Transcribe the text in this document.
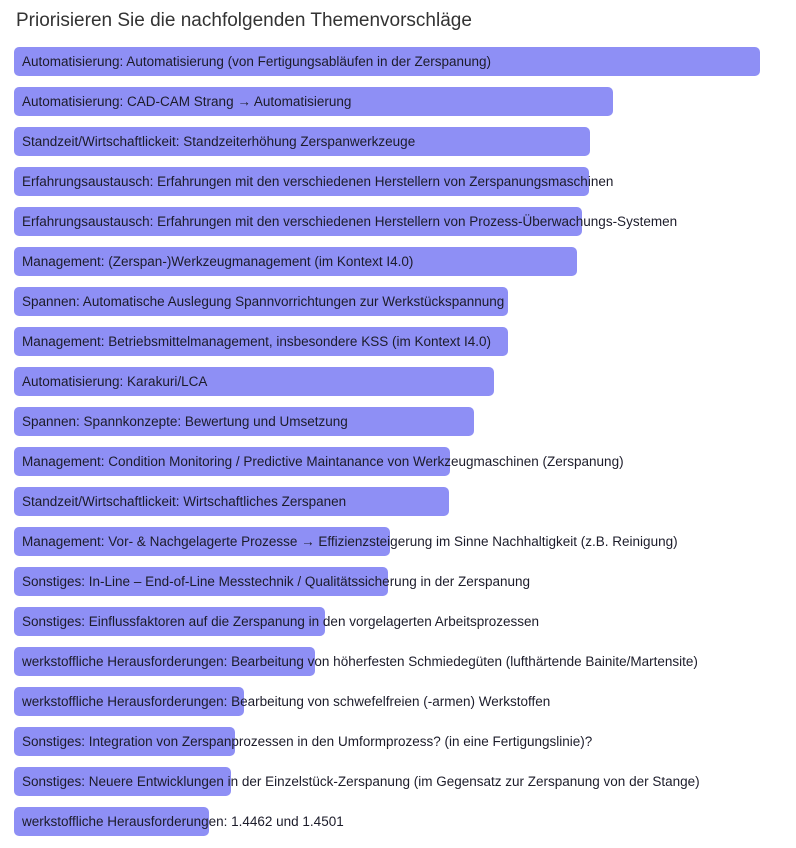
Priorisieren Sie die nachfolgenden Themenvorschläge
Automatisierung: Automatisierung (von Fertigungsabläufen in der Zerspanung)
Automatisierung: CAD-CAM Strang → Automatisierung
Standzeit/Wirtschaftlickeit: Standzeiterhöhung Zerspanwerkzeuge
Erfahrungsaustausch: Erfahrungen mit den verschiedenen Herstellern von Zerspanungsmaschinen
Erfahrungsaustausch: Erfahrungen mit den verschiedenen Herstellern von Prozess-Überwachungs-Systemen
Management: (Zerspan-)Werkzeugmanagement (im Kontext I4.0)
Spannen: Automatische Auslegung Spannvorrichtungen zur Werkstückspannung
Management: Betriebsmittelmanagement, insbesondere KSS (im Kontext I4.0)
Automatisierung: Karakuri/LCA
Spannen: Spannkonzepte: Bewertung und Umsetzung
Management: Condition Monitoring / Predictive Maintanance von Werkzeugmaschinen (Zerspanung)
Standzeit/Wirtschaftlickeit: Wirtschaftliches Zerspanen
Management: Vor- & Nachgelagerte Prozesse → Effizienzsteigerung im Sinne Nachhaltigkeit (z.B. Reinigung)
Sonstiges: In-Line – End-of-Line Messtechnik / Qualitätssicherung in der Zerspanung
Sonstiges: Einflussfaktoren auf die Zerspanung in den vorgelagerten Arbeitsprozessen
werkstoffliche Herausforderungen: Bearbeitung von höherfesten Schmiedegüten (lufthärtende Bainite/Martensite)
werkstoffliche Herausforderungen: Bearbeitung von schwefelfreien (-armen) Werkstoffen
Sonstiges: Integration von Zerspanprozessen in den Umformprozess? (in eine Fertigungslinie)?
Sonstiges: Neuere Entwicklungen in der Einzelstück-Zerspanung (im Gegensatz zur Zerspanung von der Stange)
werkstoffliche Herausforderungen: 1.4462 und 1.4501
